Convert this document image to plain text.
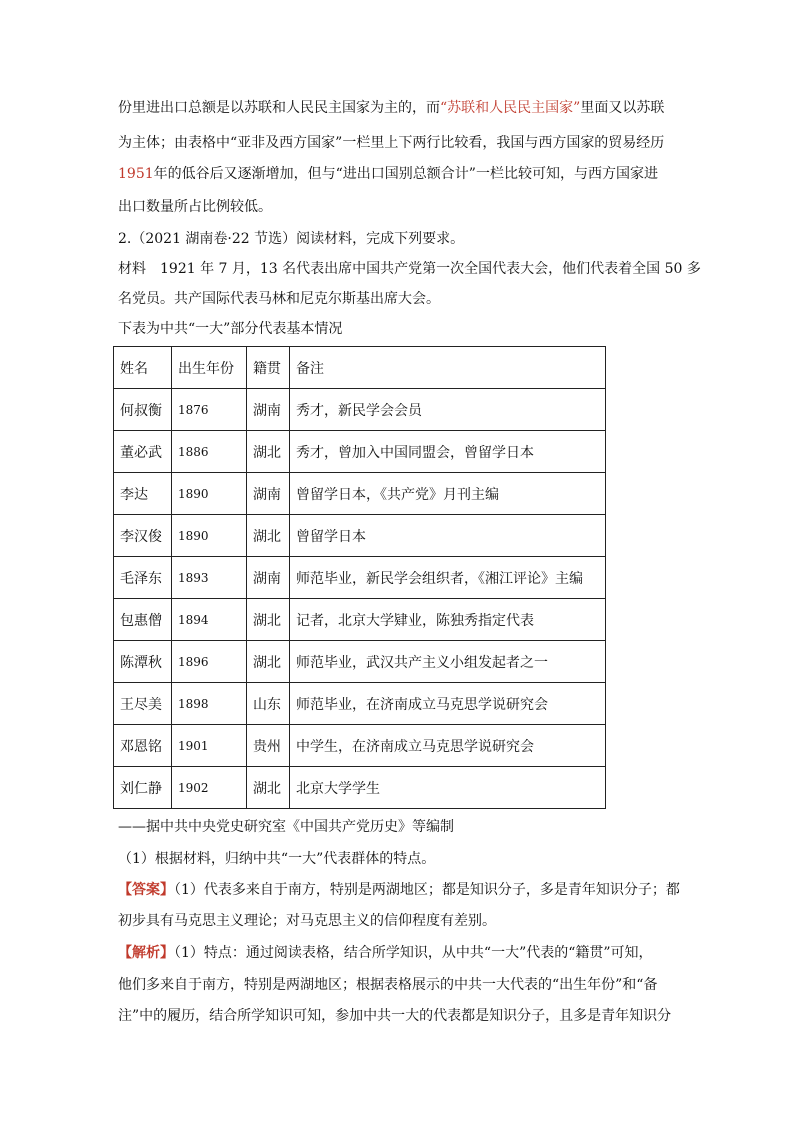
份里进出口总额是以苏联和人民民主国家为主的，而“苏联和人民民主国家”里面又以苏联
为主体；由表格中“亚非及西方国家”一栏里上下两行比较看，我国与西方国家的贸易经历
1951年的低谷后又逐渐增加，但与“进出口国别总额合计”一栏比较可知，与西方国家进
出口数量所占比例较低。
2.（2021 湖南卷·22 节选）阅读材料，完成下列要求。
材料　1921 年 7 月，13 名代表出席中国共产党第一次全国代表大会，他们代表着全国 50 多
名党员。共产国际代表马林和尼克尔斯基出席大会。
下表为中共“一大”部分代表基本情况
姓名	出生年份	籍贯	备注
何叔衡	1876	湖南	秀才，新民学会会员
董必武	1886	湖北	秀才，曾加入中国同盟会，曾留学日本
李达	1890	湖南	曾留学日本，《共产党》月刊主编
李汉俊	1890	湖北	曾留学日本
毛泽东	1893	湖南	师范毕业，新民学会组织者，《湘江评论》主编
包惠僧	1894	湖北	记者，北京大学肄业，陈独秀指定代表
陈潭秋	1896	湖北	师范毕业，武汉共产主义小组发起者之一
王尽美	1898	山东	师范毕业，在济南成立马克思学说研究会
邓恩铭	1901	贵州	中学生，在济南成立马克思学说研究会
刘仁静	1902	湖北	北京大学学生
——据中共中央党史研究室《中国共产党历史》等编制
（1）根据材料，归纳中共“一大”代表群体的特点。
【答案】（1）代表多来自于南方，特别是两湖地区；都是知识分子，多是青年知识分子；都
初步具有马克思主义理论；对马克思主义的信仰程度有差别。
【解析】（1）特点：通过阅读表格，结合所学知识，从中共“一大”代表的“籍贯”可知，
他们多来自于南方，特别是两湖地区；根据表格展示的中共一大代表的“出生年份”和“备
注”中的履历，结合所学知识可知，参加中共一大的代表都是知识分子，且多是青年知识分
